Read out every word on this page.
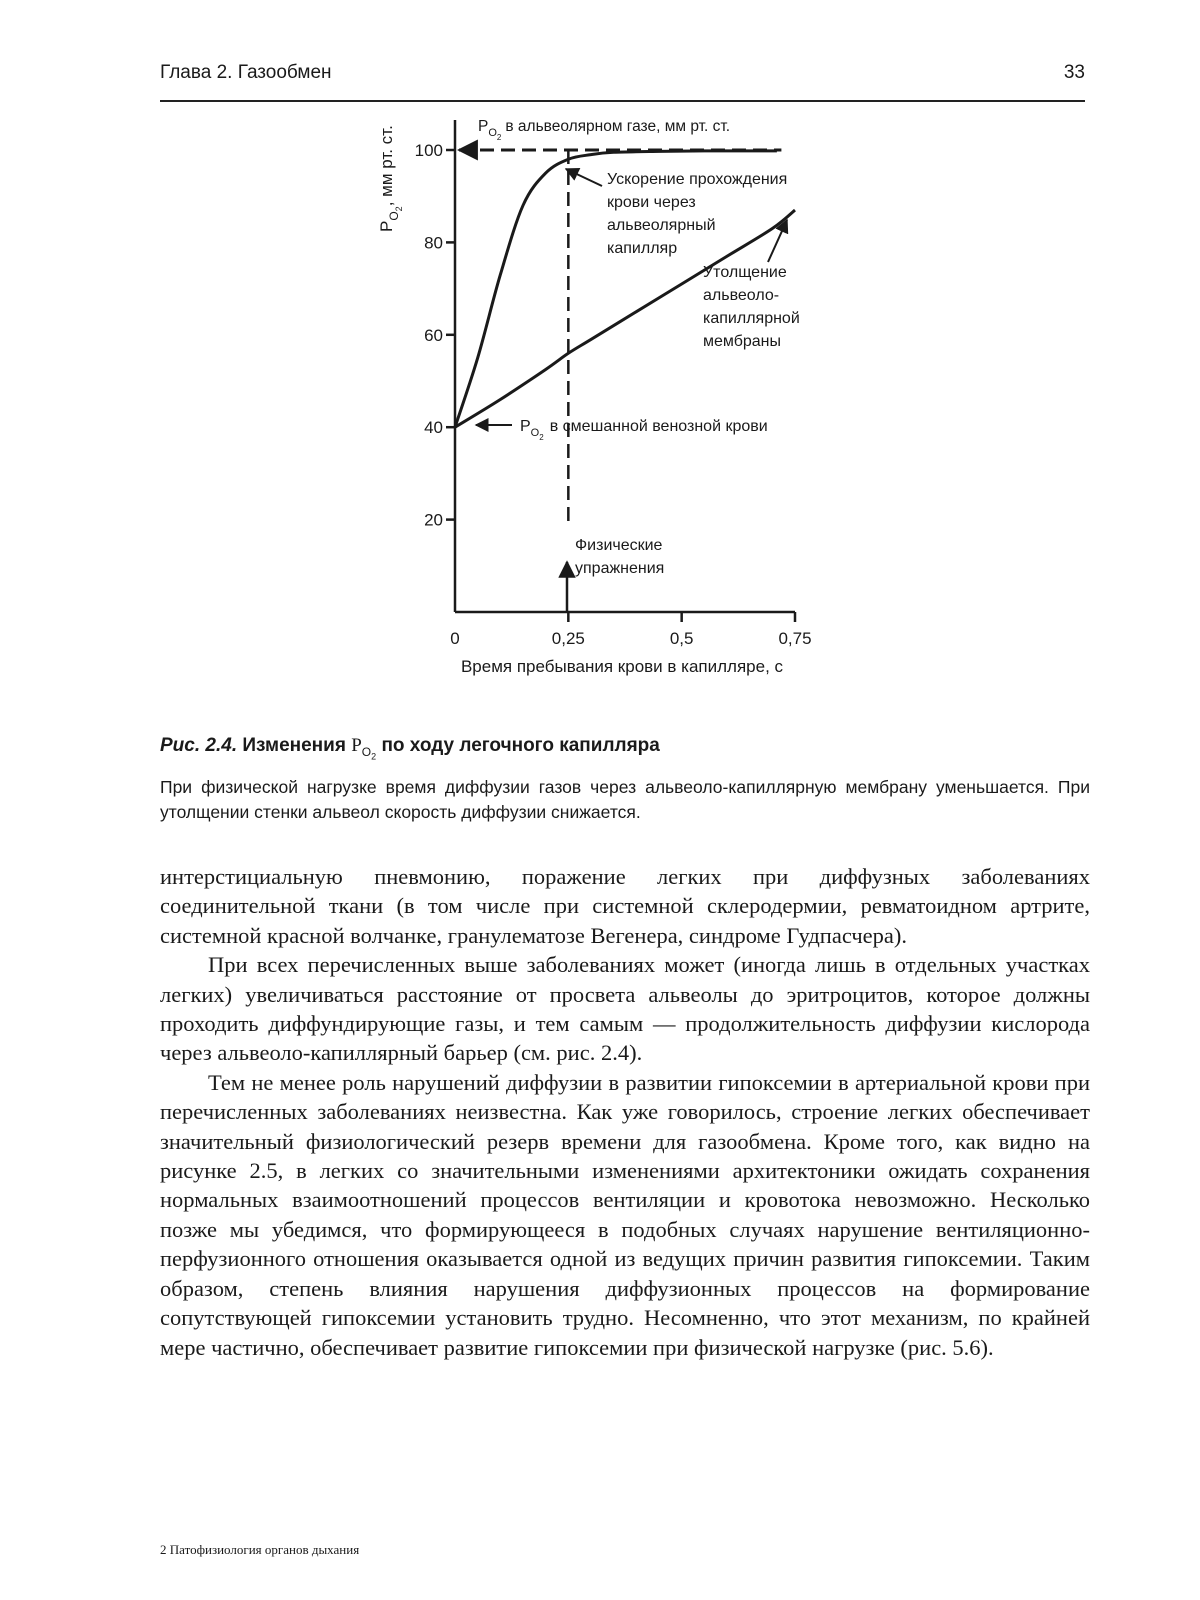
Глава 2. Газообмен	33
20
40
60
80
100
0	0,25	0,5	0,75
$P_{O2}$, мм рт. ст.	$P_{O2}в$ альвеолярном газе, мм рт. ст.
Ускорение прохождения крови через альвеолярный капилляр
Утолщение альвеоло- капиллярной мембраны
$P_{O2}в$ смешанной венозной крови
Физические упражнения
Время пребывания крови в капилляре, с
Рис. 2.4. Изменения $P_{O_2}$ по ходу легочного капилляра
При физической нагрузке время диффузии газов через альвеоло-капиллярную мембрану уменьшается. При утолщении стенки альвеол скорость диффузии снижается.

интерстициальную пневмонию, поражение легких при диффузных заболеваниях соединительной ткани (в том числе при системной склеродермии, ревматоидном артрите, системной красной волчанке, гранулематозе Вегенера, синдроме Гудпасчера).

При всех перечисленных выше заболеваниях может (иногда лишь в отдельных участках легких) увеличиваться расстояние от просвета альвеолы до эритроцитов, которое должны проходить диффундирующие газы, и тем самым — продолжительность диффузии кислорода через альвеоло-капиллярный барьер (см. рис. 2.4).

Тем не менее роль нарушений диффузии в развитии гипоксемии в артериальной крови при перечисленных заболеваниях неизвестна. Как уже говорилось, строение легких обеспечивает значительный физиологический резерв времени для газообмена. Кроме того, как видно на рисунке 2.5, в легких со значительными изменениями архитектоники ожидать сохранения нормальных взаимоотношений процессов вентиляции и кровотока невозможно. Несколько позже мы убедимся, что формирующееся в подобных случаях нарушение вентиляционно-перфузионного отношения оказывается одной из ведущих причин развития гипоксемии. Таким образом, степень влияния нарушения диффузионных процессов на формирование сопутствующей гипоксемии установить трудно. Несомненно, что этот механизм, по крайней мере частично, обеспечивает развитие гипоксемии при физической нагрузке (рис. 5.6).

2 Патофизиология органов дыхания
